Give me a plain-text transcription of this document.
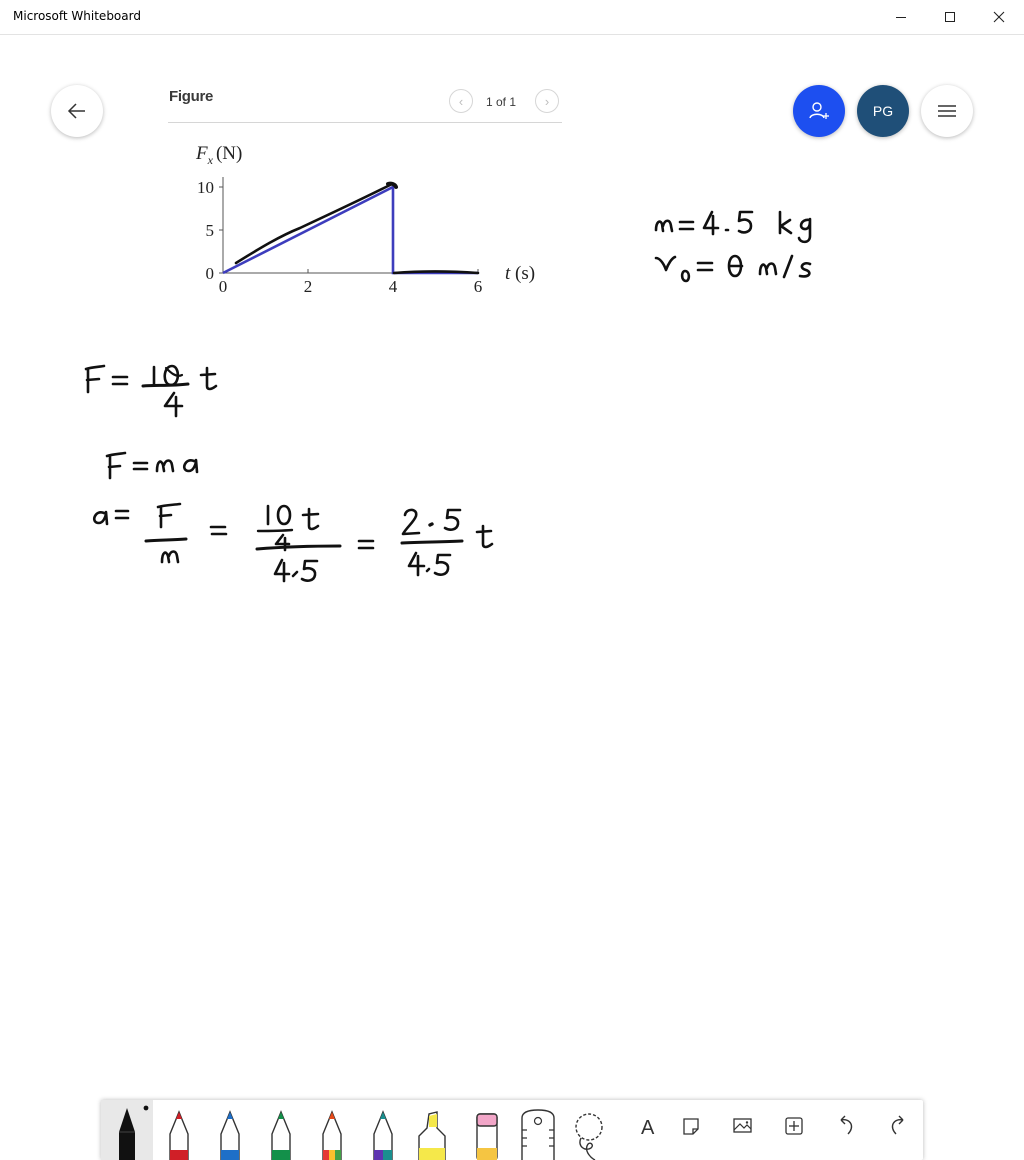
Microsoft Whiteboard
PG
Figure	‹ 1 of 1 ›
0	2	4	6
0
5
10
$F_x$ (N)
t (s)
A
